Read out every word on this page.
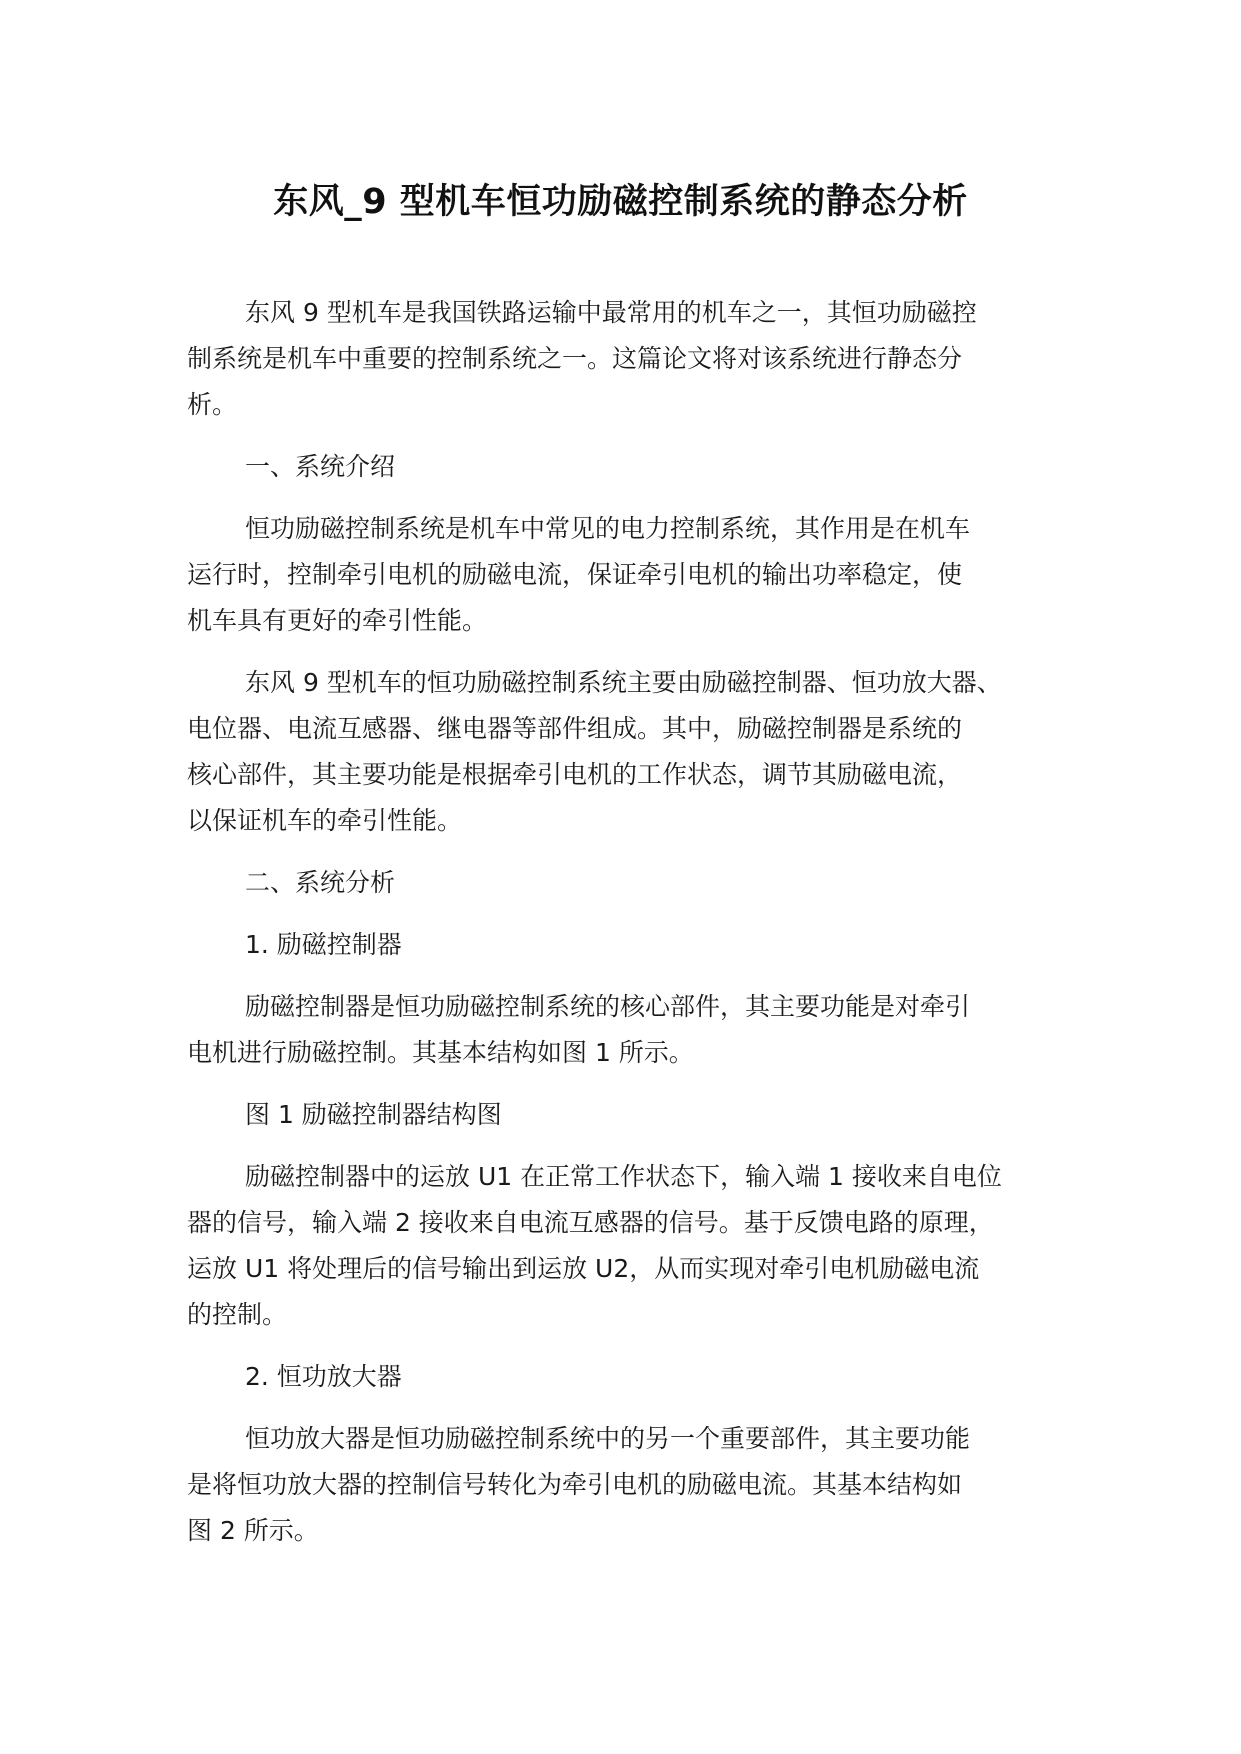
东风_9 型机车恒功励磁控制系统的静态分析

东风 9 型机车是我国铁路运输中最常用的机车之一，其恒功励磁控
制系统是机车中重要的控制系统之一。这篇论文将对该系统进行静态分
析。

一、系统介绍

恒功励磁控制系统是机车中常见的电力控制系统，其作用是在机车
运行时，控制牵引电机的励磁电流，保证牵引电机的输出功率稳定，使
机车具有更好的牵引性能。

东风 9 型机车的恒功励磁控制系统主要由励磁控制器、恒功放大器、
电位器、电流互感器、继电器等部件组成。其中，励磁控制器是系统的
核心部件，其主要功能是根据牵引电机的工作状态，调节其励磁电流，
以保证机车的牵引性能。

二、系统分析

1. 励磁控制器

励磁控制器是恒功励磁控制系统的核心部件，其主要功能是对牵引
电机进行励磁控制。其基本结构如图 1 所示。

图 1 励磁控制器结构图

励磁控制器中的运放 U1 在正常工作状态下，输入端 1 接收来自电位
器的信号，输入端 2 接收来自电流互感器的信号。基于反馈电路的原理，
运放 U1 将处理后的信号输出到运放 U2，从而实现对牵引电机励磁电流
的控制。

2. 恒功放大器

恒功放大器是恒功励磁控制系统中的另一个重要部件，其主要功能
是将恒功放大器的控制信号转化为牵引电机的励磁电流。其基本结构如
图 2 所示。
